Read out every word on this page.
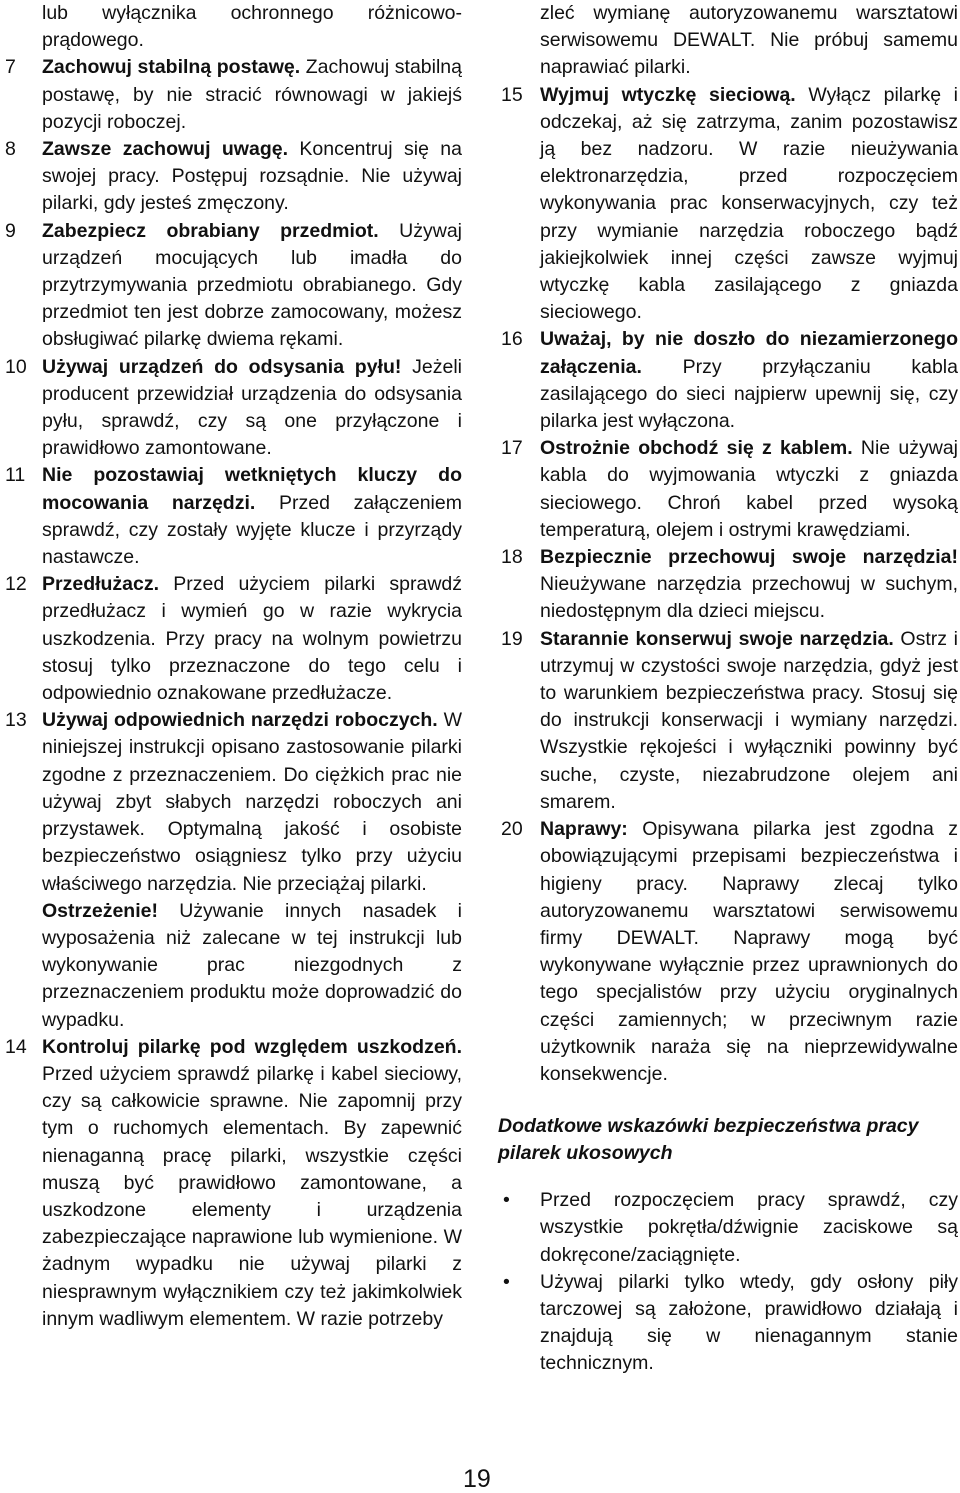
lub wyłącznika ochronnego różnicowo-prądowego.
7 Zachowuj stabilną postawę. Zachowuj stabilną postawę, by nie stracić równowagi w jakiejś pozycji roboczej.
8 Zawsze zachowuj uwagę. Koncentruj się na swojej pracy. Postępuj rozsądnie. Nie używaj pilarki, gdy jesteś zmęczony.
9 Zabezpiecz obrabiany przedmiot. Używaj urządzeń mocujących lub imadła do przytrzymywania przedmiotu obrabianego. Gdy przedmiot ten jest dobrze zamocowany, możesz obsługiwać pilarkę dwiema rękami.
10 Używaj urządzeń do odsysania pyłu! Jeżeli producent przewidział urządzenia do odsysania pyłu, sprawdź, czy są one przyłączone i prawidłowo zamontowane.
11 Nie pozostawiaj wetkniętych kluczy do mocowania narzędzi. Przed załączeniem sprawdź, czy zostały wyjęte klucze i przyrządy nastawcze.
12 Przedłużacz. Przed użyciem pilarki sprawdź przedłużacz i wymień go w razie wykrycia uszkodzenia. Przy pracy na wolnym powietrzu stosuj tylko przeznaczone do tego celu i odpowiednio oznakowane przedłużacze.
13 Używaj odpowiednich narzędzi roboczych. W niniejszej instrukcji opisano zastosowanie pilarki zgodne z przeznaczeniem. Do ciężkich prac nie używaj zbyt słabych narzędzi roboczych ani przystawek. Optymalną jakość i osobiste bezpieczeństwo osiągniesz tylko przy użyciu właściwego narzędzia. Nie przeciążaj pilarki.
Ostrzeżenie! Używanie innych nasadek i wyposażenia niż zalecane w tej instrukcji lub wykonywanie prac niezgodnych z przeznaczeniem produktu może doprowadzić do wypadku.
14 Kontroluj pilarkę pod względem uszkodzeń. Przed użyciem sprawdź pilarkę i kabel sieciowy, czy są całkowicie sprawne. Nie zapomnij przy tym o ruchomych elementach. By zapewnić nienaganną pracę pilarki, wszystkie części muszą być prawidłowo zamontowane, a uszkodzone elementy i urządzenia zabezpieczające naprawione lub wymienione. W żadnym wypadku nie używaj pilarki z niesprawnym wyłącznikiem czy też jakimkolwiek innym wadliwym elementem. W razie potrzeby
zleć wymianę autoryzowanemu warsztatowi serwisowemu DEWALT. Nie próbuj samemu naprawiać pilarki.
15 Wyjmuj wtyczkę sieciową. Wyłącz pilarkę i odczekaj, aż się zatrzyma, zanim pozostawisz ją bez nadzoru. W razie nieużywania elektronarzędzia, przed rozpoczęciem wykonywania prac konserwacyjnych, czy też przy wymianie narzędzia roboczego bądź jakiejkolwiek innej części zawsze wyjmuj wtyczkę kabla zasilającego z gniazda sieciowego.
16 Uważaj, by nie doszło do niezamierzonego załączenia. Przy przyłączaniu kabla zasilającego do sieci najpierw upewnij się, czy pilarka jest wyłączona.
17 Ostrożnie obchodź się z kablem. Nie używaj kabla do wyjmowania wtyczki z gniazda sieciowego. Chroń kabel przed wysoką temperaturą, olejem i ostrymi krawędziami.
18 Bezpiecznie przechowuj swoje narzędzia! Nieużywane narzędzia przechowuj w suchym, niedostępnym dla dzieci miejscu.
19 Starannie konserwuj swoje narzędzia. Ostrz i utrzymuj w czystości swoje narzędzia, gdyż jest to warunkiem bezpieczeństwa pracy. Stosuj się do instrukcji konserwacji i wymiany narzędzi. Wszystkie rękojeści i wyłączniki powinny być suche, czyste, niezabrudzone olejem ani smarem.
20 Naprawy: Opisywana pilarka jest zgodna z obowiązującymi przepisami bezpieczeństwa i higieny pracy. Naprawy zlecaj tylko autoryzowanemu warsztatowi serwisowemu firmy DEWALT. Naprawy mogą być wykonywane wyłącznie przez uprawnionych do tego specjalistów przy użyciu oryginalnych części zamiennych; w przeciwnym razie użytkownik naraża się na nieprzewidywalne konsekwencje.
Dodatkowe wskazówki bezpieczeństwa pracy pilarek ukosowych
• Przed rozpoczęciem pracy sprawdź, czy wszystkie pokrętła/dźwignie zaciskowe są dokręcone/zaciągnięte.
• Używaj pilarki tylko wtedy, gdy osłony piły tarczowej są założone, prawidłowo działają i znajdują się w nienagannym stanie technicznym.
19
